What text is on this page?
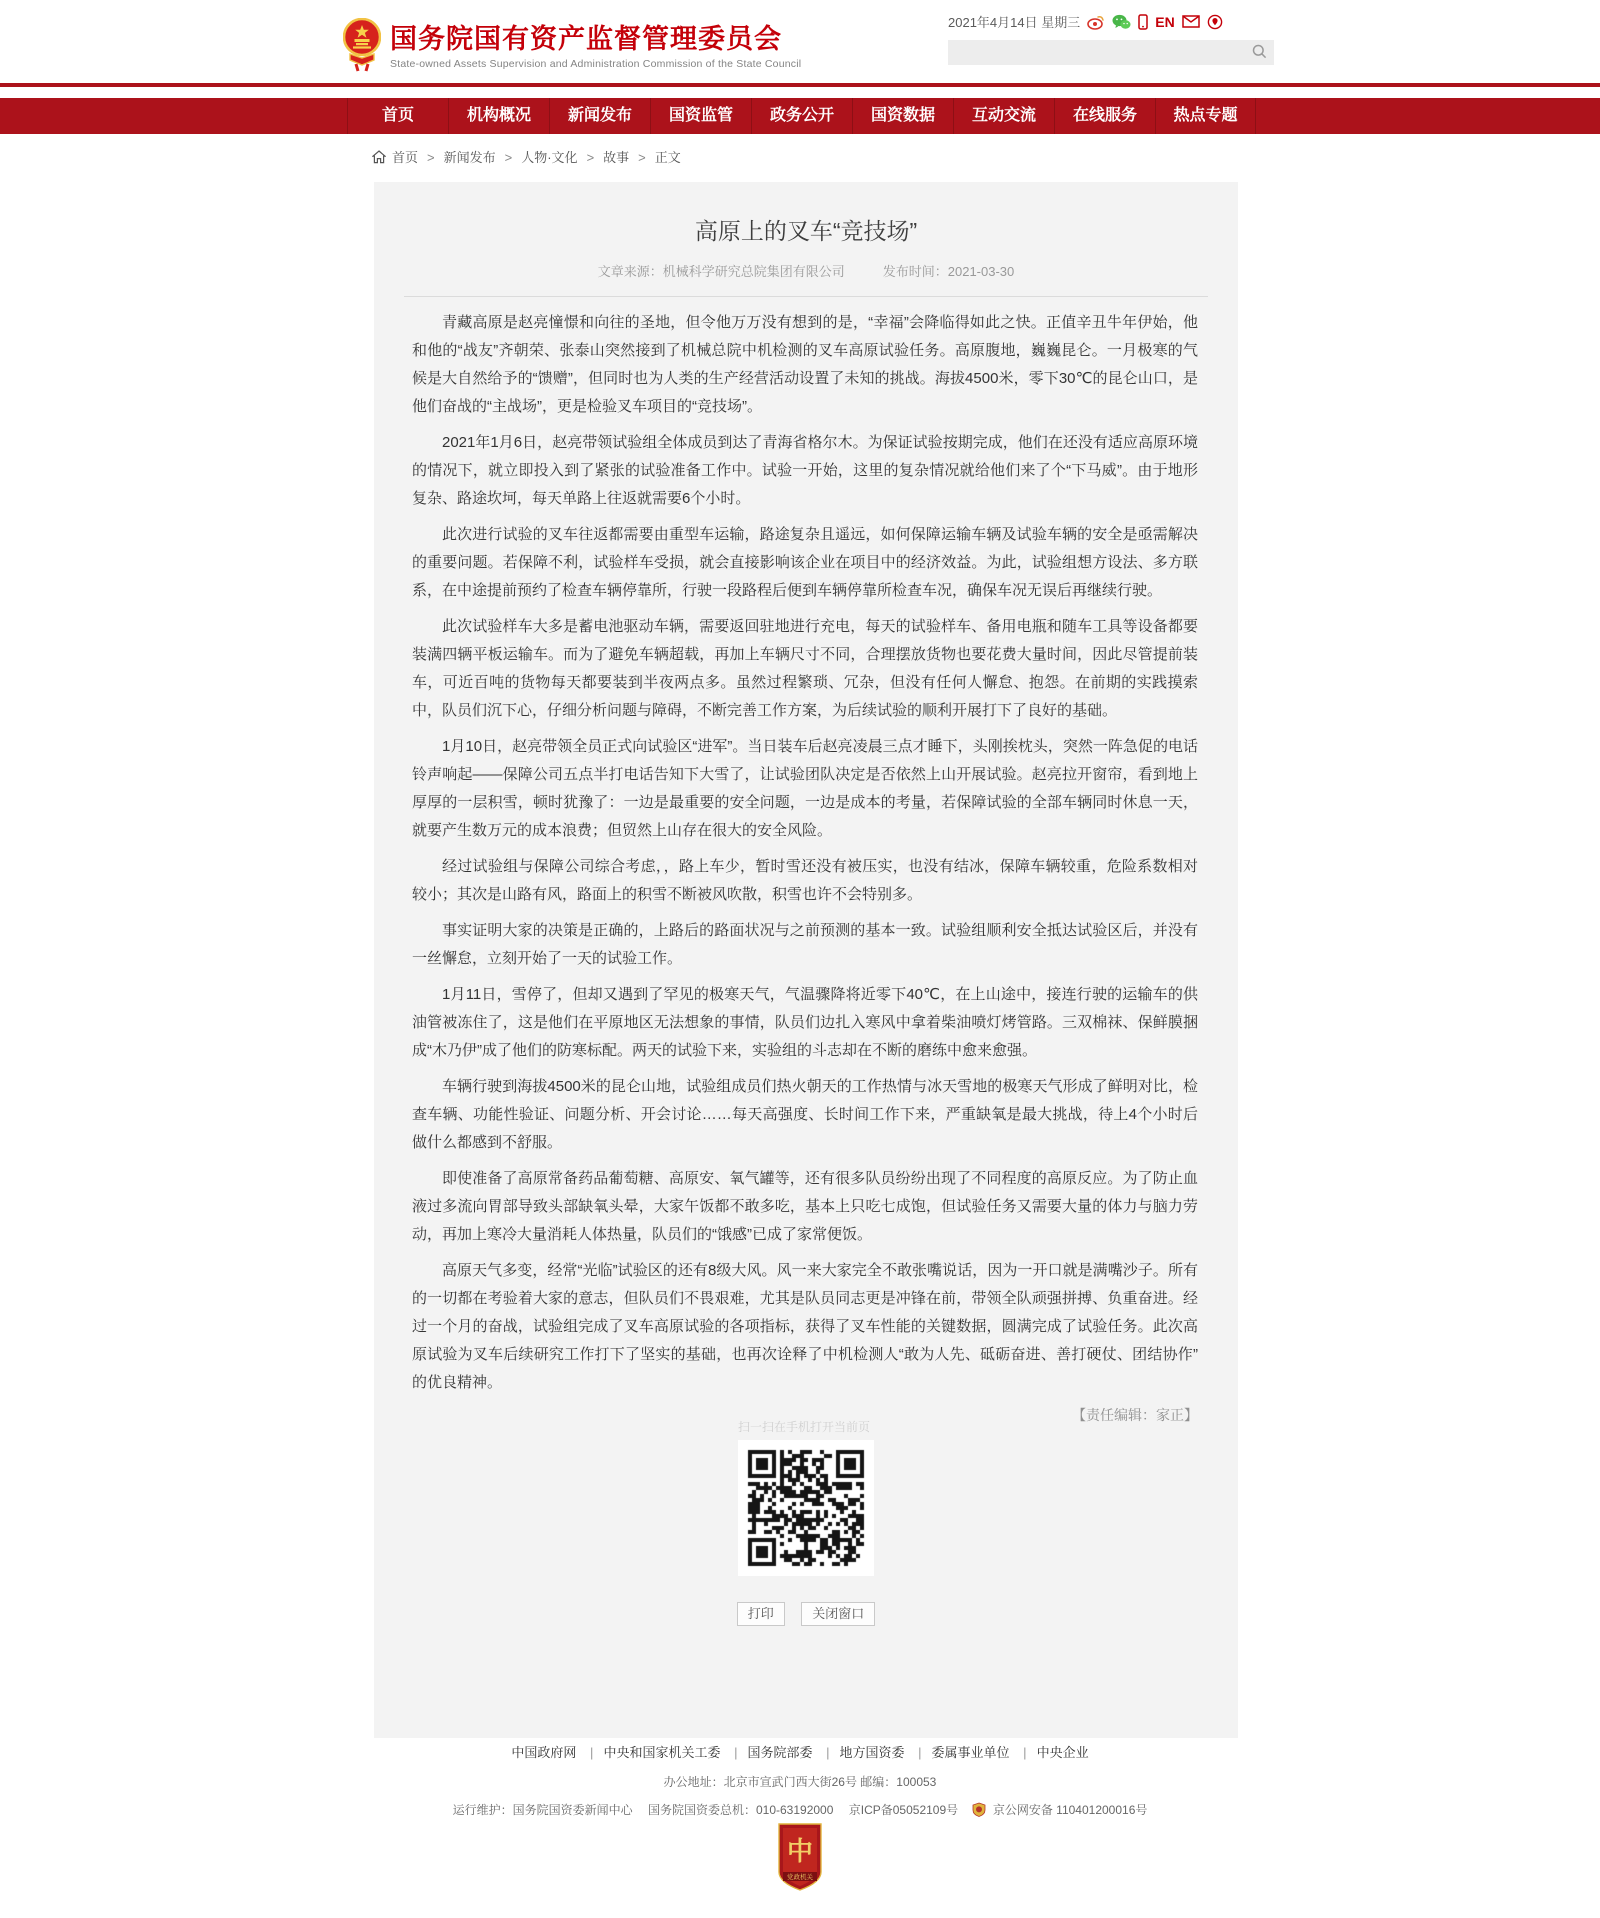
国务院国有资产监督管理委员会
State-owned Assets Supervision and Administration Commission of the State Council
2021年4月14日 星期三	EN
首页	机构概况	新闻发布	国资监管	政务公开	国资数据	互动交流	在线服务	热点专题
首页	> 新闻发布	> 人物·文化	> 故事	> 正文
高原上的叉车“竞技场”
文章来源：机械科学研究总院集团有限公司	发布时间：2021-03-30

青藏高原是赵亮憧憬和向往的圣地，但令他万万没有想到的是，“幸福”会降临得如此之快。正值辛丑牛年伊始，他和他的“战友”齐朝荣、张泰山突然接到了机械总院中机检测的叉车高原试验任务。高原腹地，巍巍昆仑。一月极寒的气候是大自然给予的“馈赠”，但同时也为人类的生产经营活动设置了未知的挑战。海拔4500米，零下30℃的昆仑山口，是他们奋战的“主战场”，更是检验叉车项目的“竞技场”。

2021年1月6日，赵亮带领试验组全体成员到达了青海省格尔木。为保证试验按期完成，他们在还没有适应高原环境的情况下，就立即投入到了紧张的试验准备工作中。试验一开始，这里的复杂情况就给他们来了个“下马威”。由于地形复杂、路途坎坷，每天单路上往返就需要6个小时。

此次进行试验的叉车往返都需要由重型车运输，路途复杂且遥远，如何保障运输车辆及试验车辆的安全是亟需解决的重要问题。若保障不利，试验样车受损，就会直接影响该企业在项目中的经济效益。为此，试验组想方设法、多方联系，在中途提前预约了检查车辆停靠所，行驶一段路程后便到车辆停靠所检查车况，确保车况无误后再继续行驶。

此次试验样车大多是蓄电池驱动车辆，需要返回驻地进行充电，每天的试验样车、备用电瓶和随车工具等设备都要装满四辆平板运输车。而为了避免车辆超载，再加上车辆尺寸不同，合理摆放货物也要花费大量时间，因此尽管提前装车，可近百吨的货物每天都要装到半夜两点多。虽然过程繁琐、冗杂，但没有任何人懈怠、抱怨。在前期的实践摸索中，队员们沉下心，仔细分析问题与障碍，不断完善工作方案，为后续试验的顺利开展打下了良好的基础。

1月10日，赵亮带领全员正式向试验区“进军”。当日装车后赵亮凌晨三点才睡下，头刚挨枕头，突然一阵急促的电话铃声响起——保障公司五点半打电话告知下大雪了，让试验团队决定是否依然上山开展试验。赵亮拉开窗帘，看到地上厚厚的一层积雪，顿时犹豫了：一边是最重要的安全问题，一边是成本的考量，若保障试验的全部车辆同时休息一天，就要产生数万元的成本浪费；但贸然上山存在很大的安全风险。

经过试验组与保障公司综合考虑，，路上车少，暂时雪还没有被压实，也没有结冰，保障车辆较重，危险系数相对较小；其次是山路有风，路面上的积雪不断被风吹散，积雪也许不会特别多。

事实证明大家的决策是正确的，上路后的路面状况与之前预测的基本一致。试验组顺利安全抵达试验区后，并没有一丝懈怠，立刻开始了一天的试验工作。

1月11日，雪停了，但却又遇到了罕见的极寒天气，气温骤降将近零下40℃，在上山途中，接连行驶的运输车的供油管被冻住了，这是他们在平原地区无法想象的事情，队员们边扎入寒风中拿着柴油喷灯烤管路。三双棉袜、保鲜膜捆成“木乃伊”成了他们的防寒标配。两天的试验下来，实验组的斗志却在不断的磨练中愈来愈强。

车辆行驶到海拔4500米的昆仑山地，试验组成员们热火朝天的工作热情与冰天雪地的极寒天气形成了鲜明对比，检查车辆、功能性验证、问题分析、开会讨论……每天高强度、长时间工作下来，严重缺氧是最大挑战，待上4个小时后做什么都感到不舒服。

即使准备了高原常备药品葡萄糖、高原安、氧气罐等，还有很多队员纷纷出现了不同程度的高原反应。为了防止血液过多流向胃部导致头部缺氧头晕，大家午饭都不敢多吃，基本上只吃七成饱，但试验任务又需要大量的体力与脑力劳动，再加上寒冷大量消耗人体热量，队员们的“饿感”已成了家常便饭。

高原天气多变，经常“光临”试验区的还有8级大风。风一来大家完全不敢张嘴说话，因为一开口就是满嘴沙子。所有的一切都在考验着大家的意志，但队员们不畏艰难，尤其是队员同志更是冲锋在前，带领全队顽强拼搏、负重奋进。经过一个月的奋战，试验组完成了叉车高原试验的各项指标，获得了叉车性能的关键数据，圆满完成了试验任务。此次高原试验为叉车后续研究工作打下了坚实的基础，也再次诠释了中机检测人“敢为人先、砥砺奋进、善打硬仗、团结协作”的优良精神。

【责任编辑：家正】
扫一扫在手机打开当前页
打印	关闭窗口
中国政府网 | 中央和国家机关工委 | 国务院部委 | 地方国资委 | 委属事业单位 | 中央企业
办公地址：北京市宣武门西大街26号 邮编：100053
运行维护：国务院国资委新闻中心 国务院国资委总机：010-63192000 京ICP备05052109号	京公网安备 110401200016号
中
党政机关
